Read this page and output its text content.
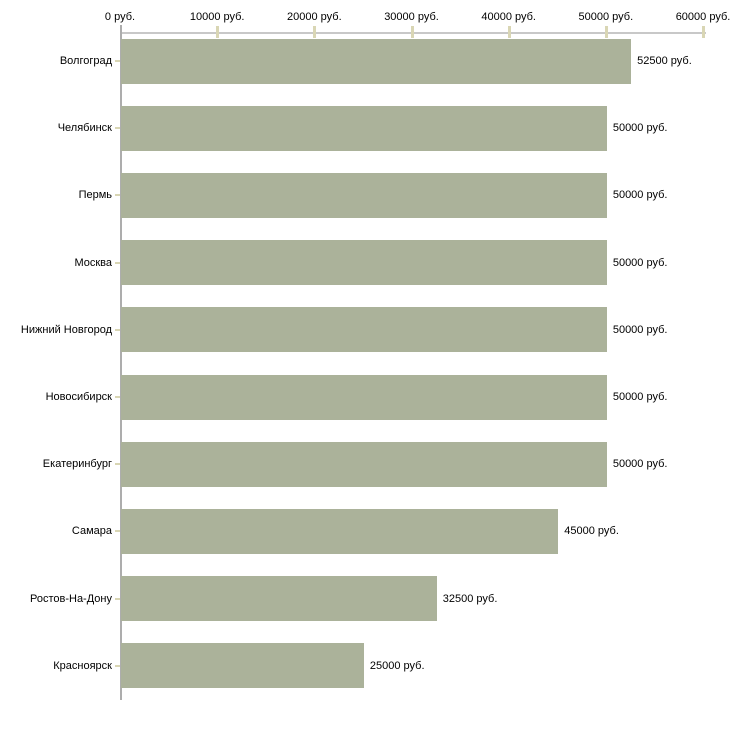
0 руб.	10000 руб.	20000 руб.	30000 руб.	40000 руб.	50000 руб.	60000 руб.
Волгоград	52500 руб.
Челябинск	50000 руб.
Пермь	50000 руб.
Москва	50000 руб.
Нижний Новгород	50000 руб.
Новосибирск	50000 руб.
Екатеринбург	50000 руб.
Самара	45000 руб.
Ростов-На-Дону	32500 руб.
Красноярск	25000 руб.
